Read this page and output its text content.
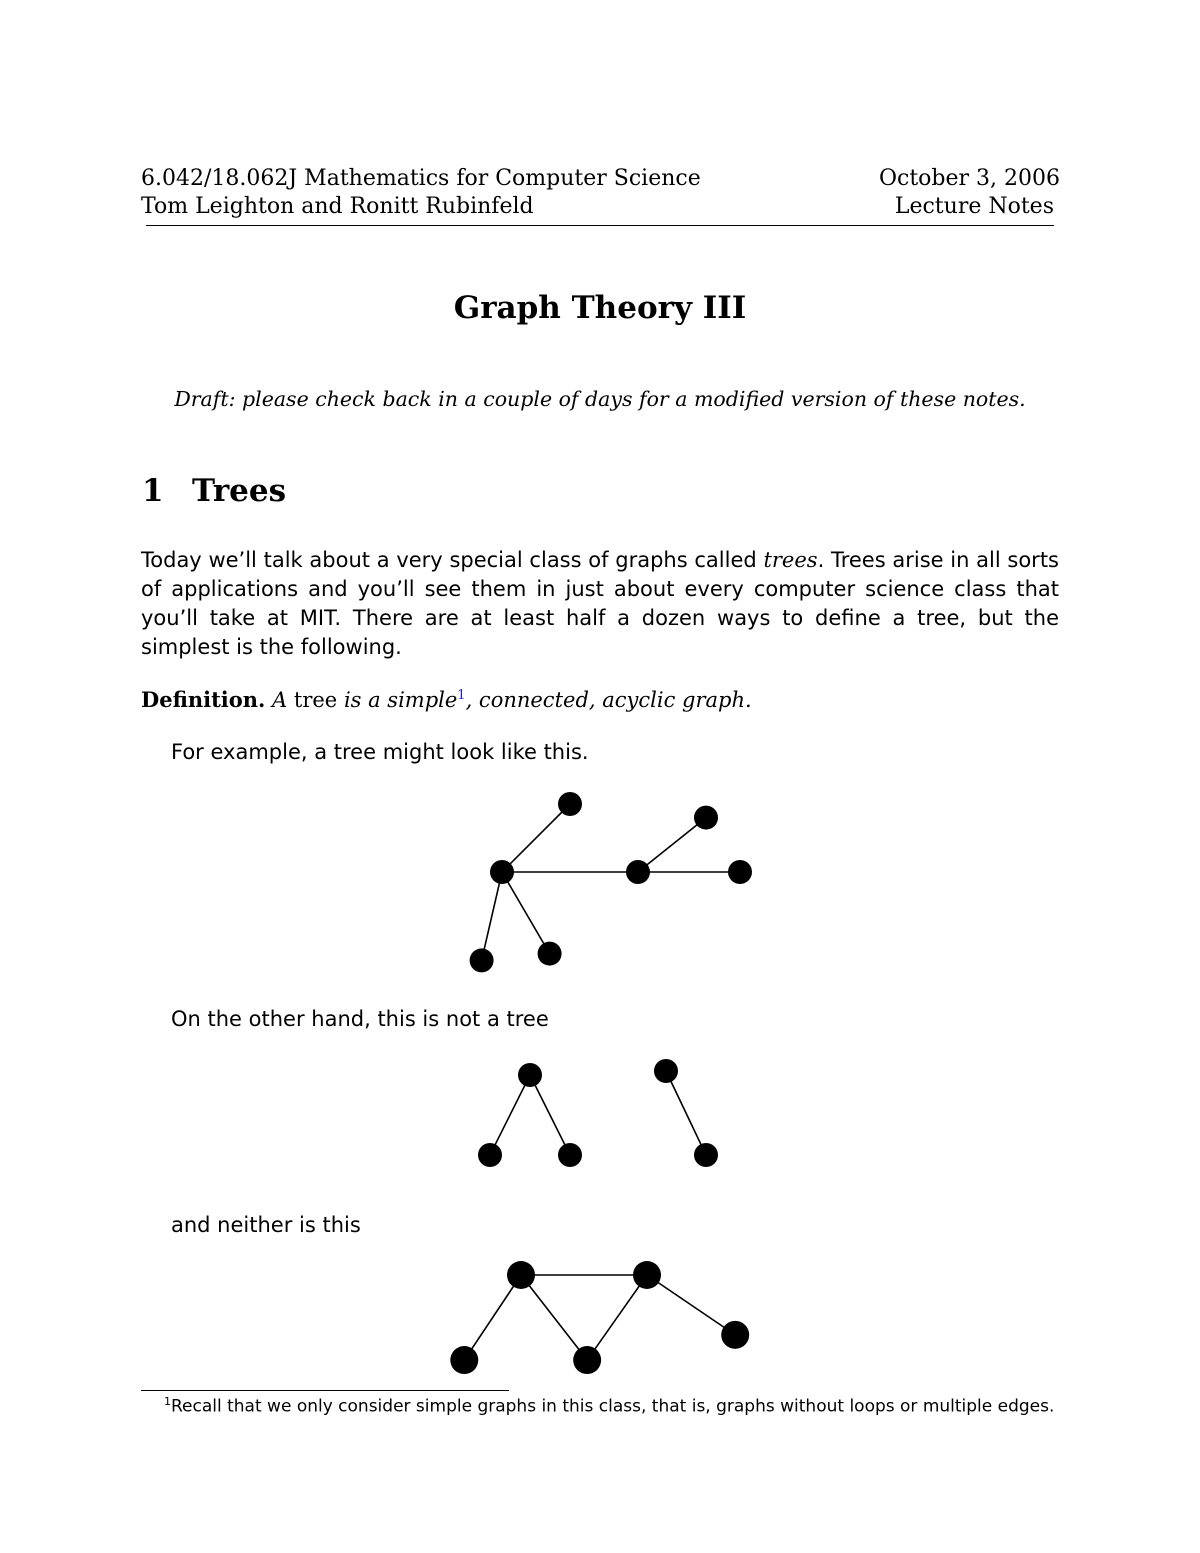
6.042/18.062J Mathematics for Computer Science	October 3, 2006
Tom Leighton and Ronitt Rubinfeld	Lecture Notes
Graph Theory III
Draft: please check back in a couple of days for a modified version of these notes.
1 Trees
Today we’ll talk about a very special class of graphs called trees. Trees arise in all sorts of applications and you’ll see them in just about every computer science class that you’ll take at MIT. There are at least half a dozen ways to define a tree, but the simplest is the following.
Definition. A tree is a simple$^1$, connected, acyclic graph.
For example, a tree might look like this.
On the other hand, this is not a tree
and neither is this
$^1$Recall that we only consider simple graphs in this class, that is, graphs without loops or multiple edges.
